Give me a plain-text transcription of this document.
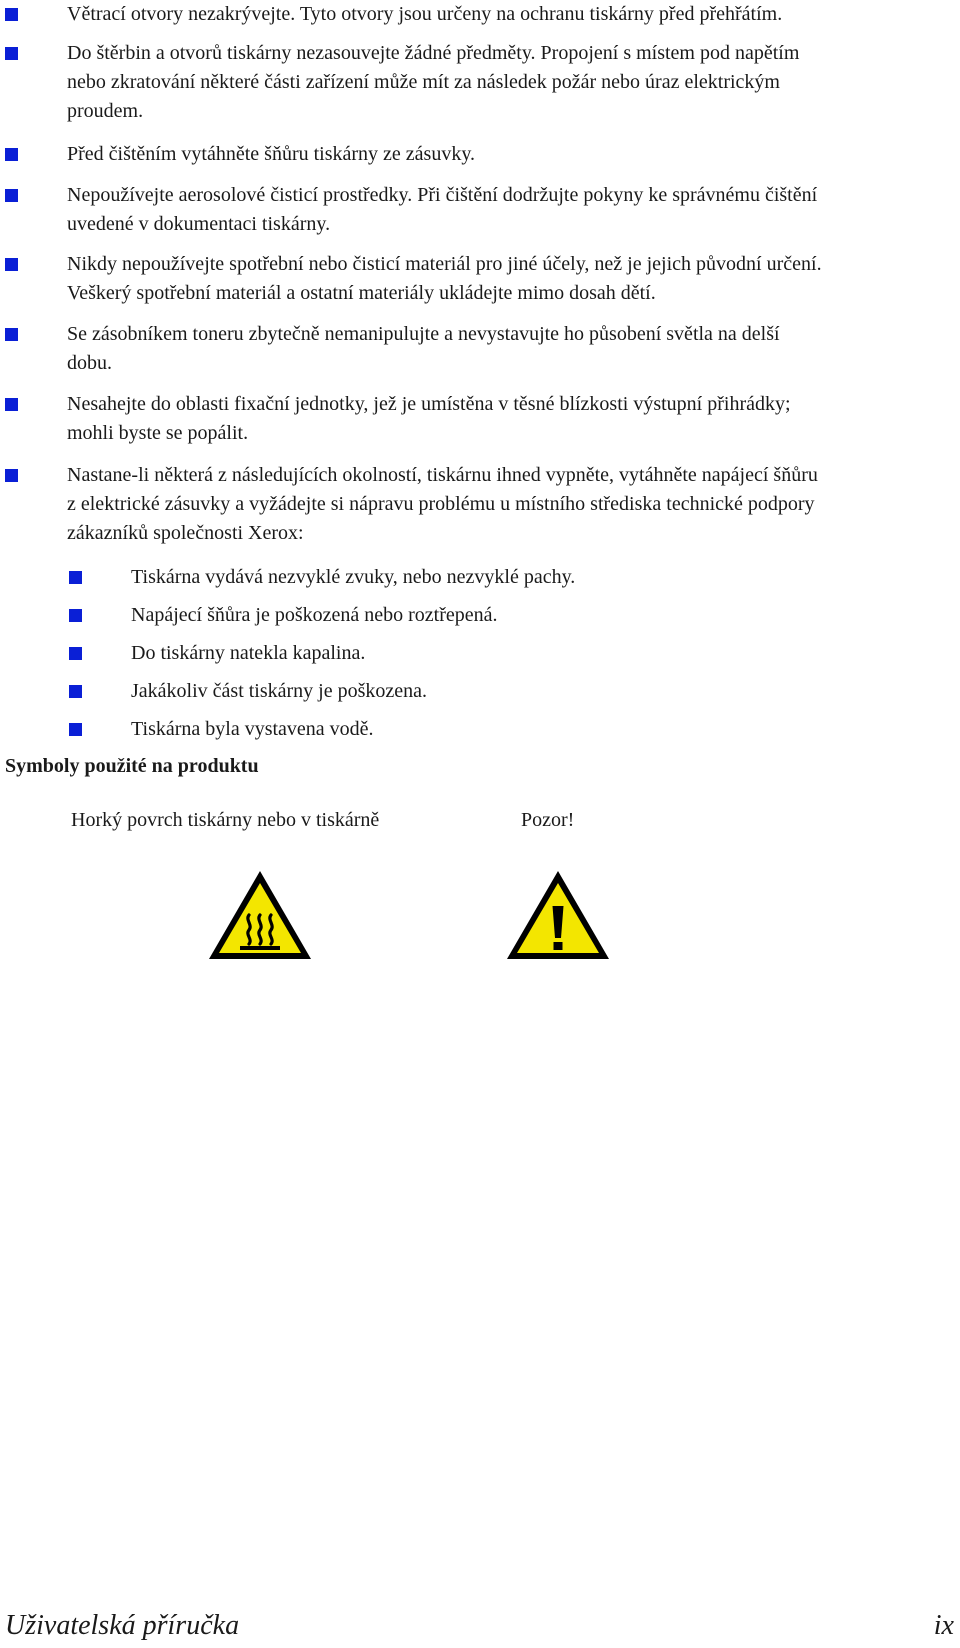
Větrací otvory nezakrývejte. Tyto otvory jsou určeny na ochranu tiskárny před přehřátím.
Do štěrbin a otvorů tiskárny nezasouvejte žádné předměty. Propojení s místem pod napětím
nebo zkratování některé části zařízení může mít za následek požár nebo úraz elektrickým
proudem.
Před čištěním vytáhněte šňůru tiskárny ze zásuvky.
Nepoužívejte aerosolové čisticí prostředky. Při čištění dodržujte pokyny ke správnému čištění
uvedené v dokumentaci tiskárny.
Nikdy nepoužívejte spotřební nebo čisticí materiál pro jiné účely, než je jejich původní určení.
Veškerý spotřební materiál a ostatní materiály ukládejte mimo dosah dětí.
Se zásobníkem toneru zbytečně nemanipulujte a nevystavujte ho působení světla na delší
dobu.
Nesahejte do oblasti fixační jednotky, jež je umístěna v těsné blízkosti výstupní přihrádky;
mohli byste se popálit.
Nastane-li některá z následujících okolností, tiskárnu ihned vypněte, vytáhněte napájecí šňůru
z elektrické zásuvky a vyžádejte si nápravu problému u místního střediska technické podpory
zákazníků společnosti Xerox:
Tiskárna vydává nezvyklé zvuky, nebo nezvyklé pachy.
Napájecí šňůra je poškozená nebo roztřepená.
Do tiskárny natekla kapalina.
Jakákoliv část tiskárny je poškozena.
Tiskárna byla vystavena vodě.
Symboly použité na produktu
Horký povrch tiskárny nebo v tiskárně	Pozor!
Uživatelská příručka	ix
